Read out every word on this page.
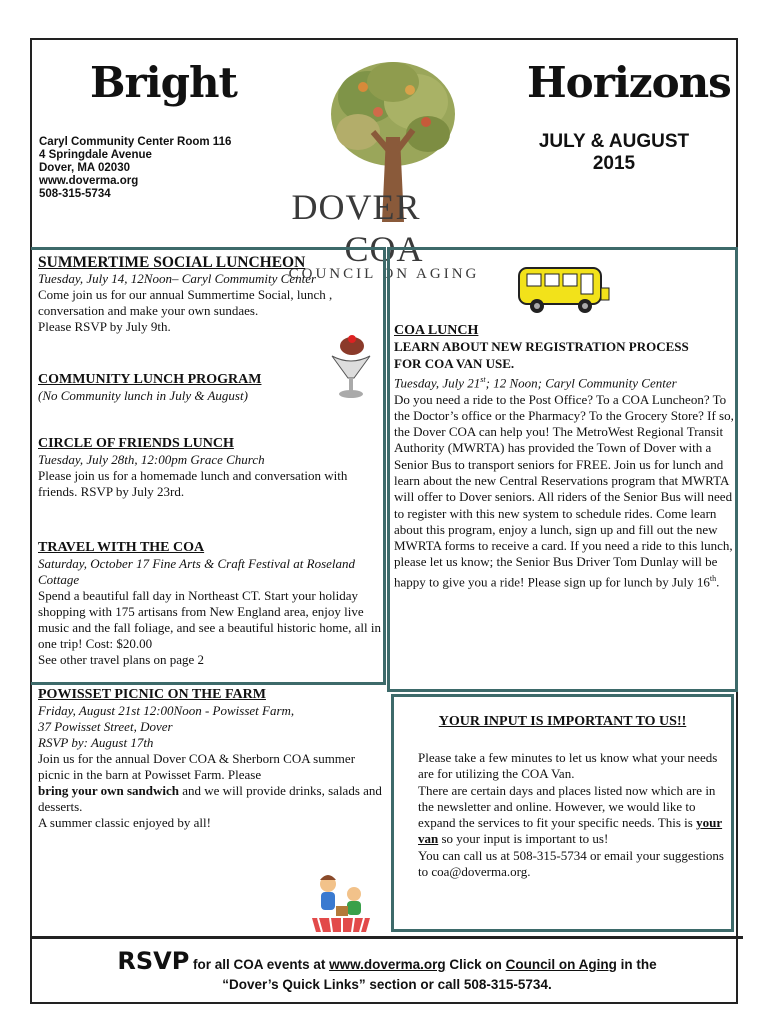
Bright	Horizons
Caryl Community Center Room 116
4 Springdale Avenue
Dover, MA 02030
www.doverma.org
508-315-5734
JULY & AUGUST
2015
DOVER  COA
COUNCIL ON AGING
SUMMERTIME SOCIAL LUNCHEON

Tuesday, July 14, 12Noon– Caryl Commumity Center

Come join us for our annual Summertime Social, lunch , conversation and make your own sundaes.

Please RSVP by July 9th.

COMMUNITY LUNCH PROGRAM

(No Community lunch in July & August)

CIRCLE OF FRIENDS LUNCH

Tuesday, July 28th, 12:00pm Grace Church

Please join us for a homemade lunch and conversation with friends. RSVP by July 23rd.

TRAVEL WITH THE COA

Saturday, October 17 Fine Arts & Craft Festival at Roseland Cottage

Spend a beautiful fall day in Northeast CT. Start your holiday shopping with 175 artisans from New England area, enjoy live music and the fall foliage, and see a beautiful historic home, all in one trip! Cost: $20.00

See other travel plans on page 2

POWISSET PICNIC ON THE FARM

Friday, August 21st 12:00Noon - Powisset Farm,

37 Powisset Street, Dover

RSVP by: August 17th

Join us for the annual Dover COA & Sherborn COA summer picnic in the barn at Powisset Farm. Please
bring your own sandwich and we will provide drinks, salads and desserts.

A summer classic enjoyed by all!

COA LUNCH
LEARN ABOUT NEW REGISTRATION PROCESS FOR COA VAN USE.
Tuesday, July 21st; 12 Noon; Caryl Community Center
Do you need a ride to the Post Office? To a COA Luncheon? To the Doctor’s office or the Pharmacy? To the Grocery Store? If so, the Dover COA can help you! The MetroWest Regional Transit Authority (MWRTA) has provided the Town of Dover with a Senior Bus to transport seniors for FREE. Join us for lunch and learn about the new Central Reservations program that MWRTA will offer to Dover seniors. All riders of the Senior Bus will need to register with this new system to schedule rides. Come learn about this program, enjoy a lunch, sign up and fill out the new MWRTA forms to receive a card. If you need a ride to this lunch, please let us know; the Senior Bus Driver Tom Dunlay will be happy to give you a ride! Please sign up for lunch by July 16th.
YOUR INPUT IS IMPORTANT TO US!!
Please take a few minutes to let us know what your needs are for utilizing the COA Van.
There are certain days and places listed now which are in the newsletter and online. However, we would like to expand the services to fit your specific needs. This is your van so your input is important to us!
You can call us at 508-315-5734 or email your suggestions to coa@doverma.org.
RSVP for all COA events at www.doverma.org Click on Council on Aging in the
“Dover’s Quick Links” section or call 508-315-5734.
